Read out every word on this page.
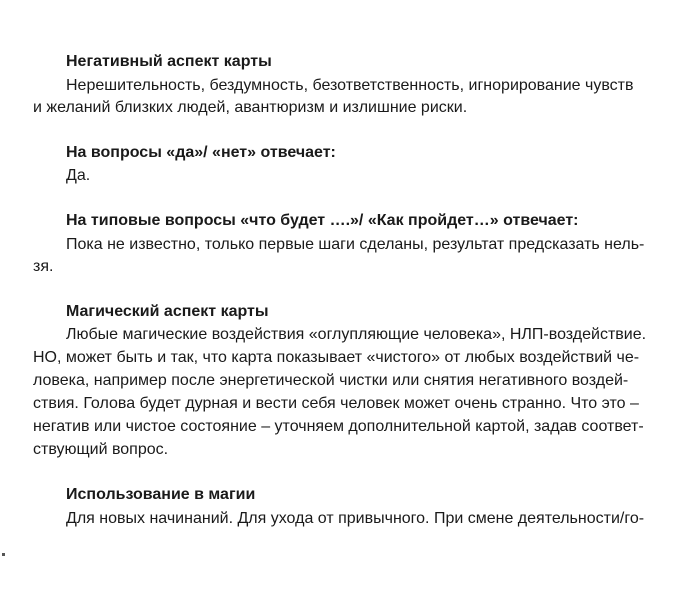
Негативный аспект карты
Нерешительность, бездумность, безответственность, игнорирование чувств
и желаний близких людей, авантюризм и излишние риски.
На вопросы «да»/ «нет» отвечает:
Да.
На типовые вопросы «что будет ….»/ «Как пройдет…» отвечает:
Пока не известно, только первые шаги сделаны, результат предсказать нель-
зя.
Магический аспект карты
Любые магические воздействия «оглупляющие человека», НЛП-воздействие.
НО, может быть и так, что карта показывает «чистого» от любых воздействий че-
ловека, например после энергетической чистки или снятия негативного воздей-
ствия. Голова будет дурная и вести себя человек может очень странно. Что это –
негатив или чистое состояние – уточняем дополнительной картой, задав соответ-
ствующий вопрос.
Использование в магии
Для новых начинаний. Для ухода от привычного. При смене деятельности/го-
